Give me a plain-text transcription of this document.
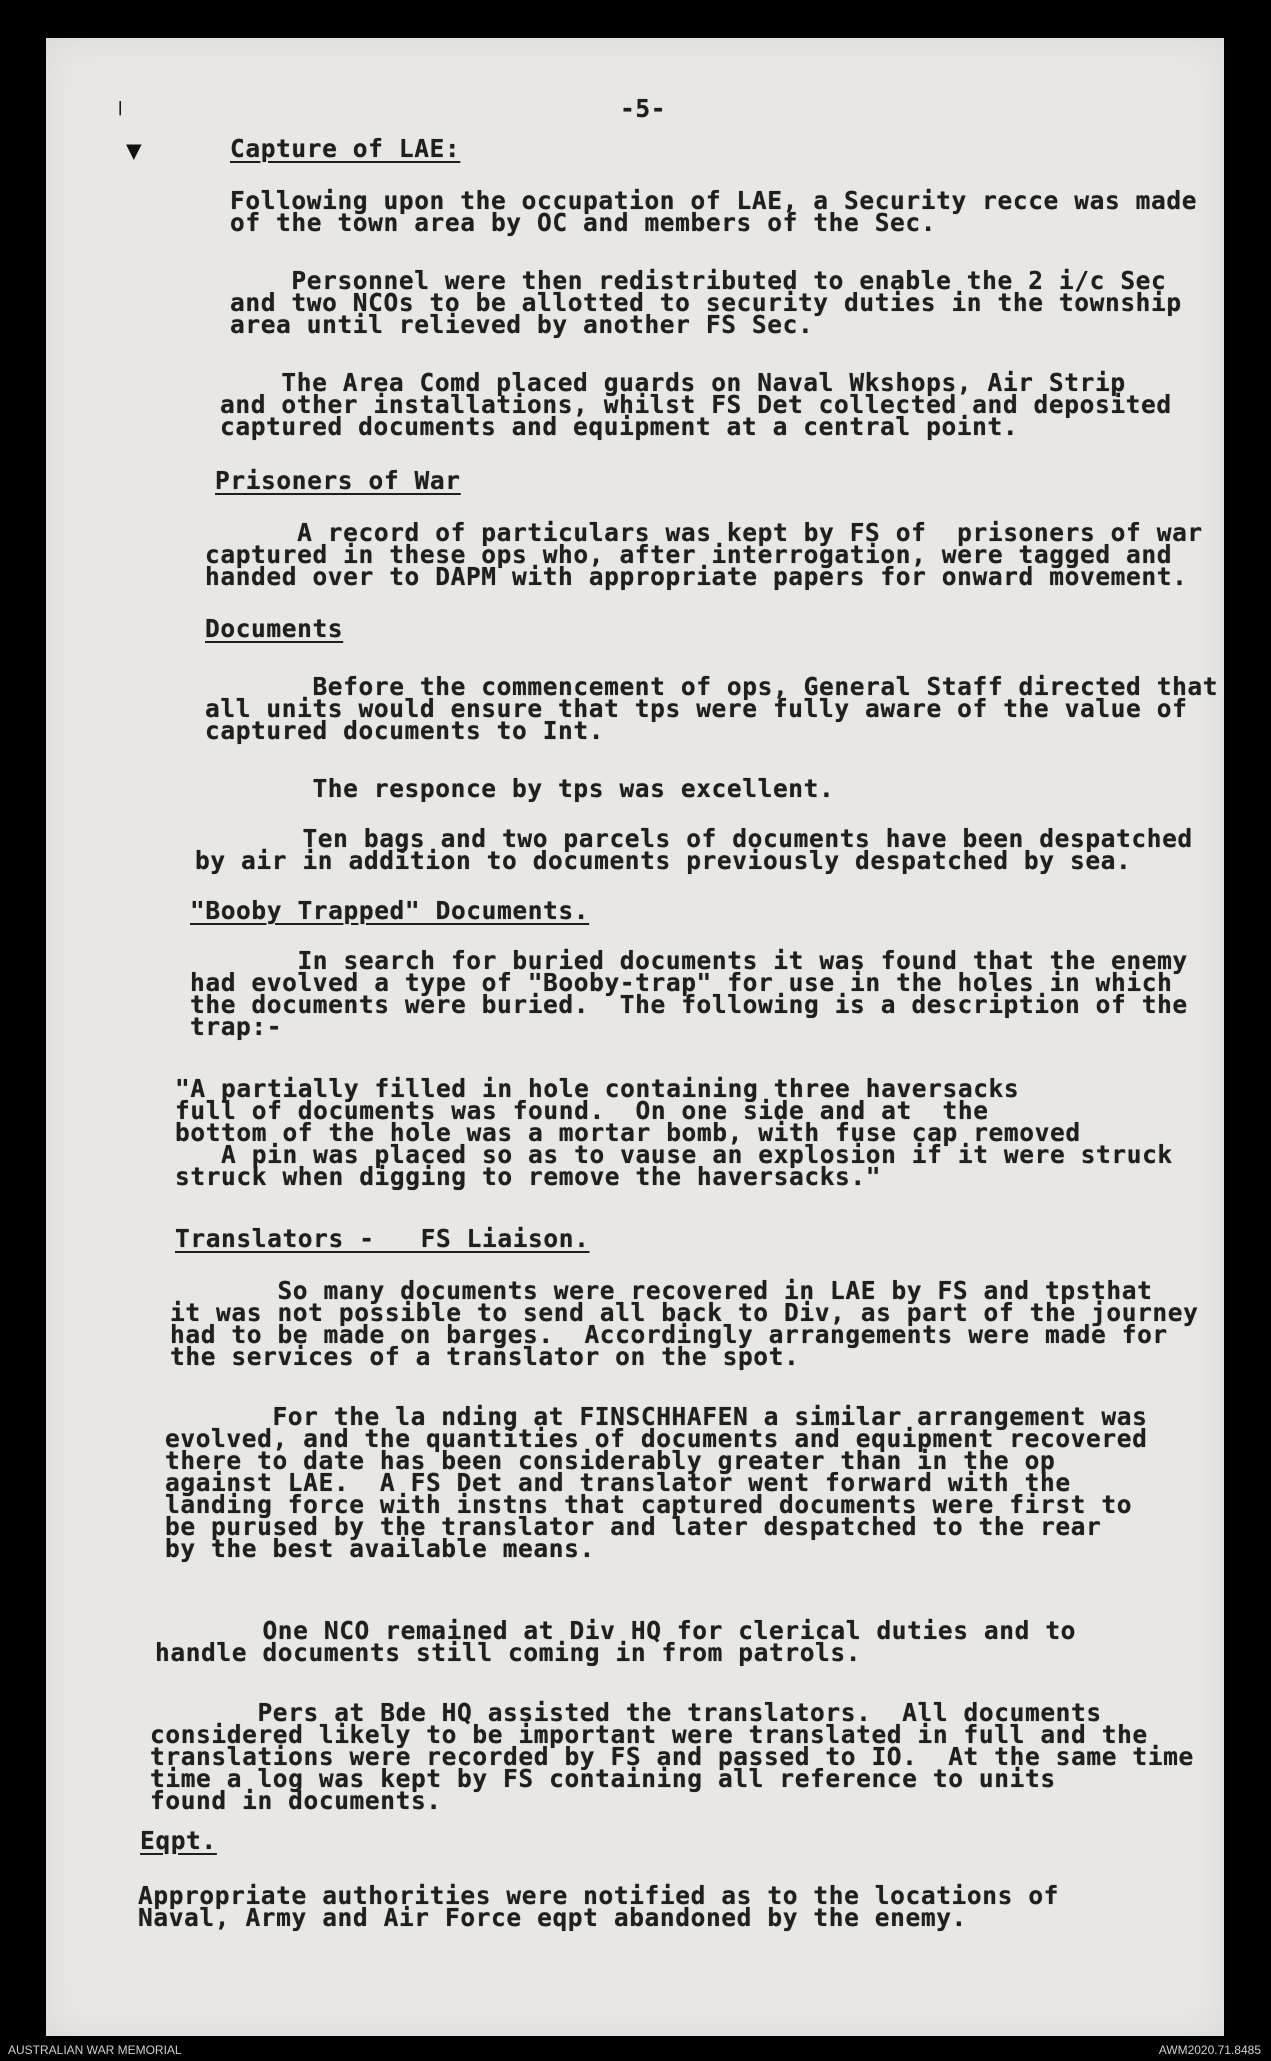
|
▼
-5-
Capture of LAE:
Following upon the occupation of LAE, a Security recce was made
of the town area by OC and members of the Sec.
Personnel were then redistributed to enable the 2 i/c Sec
and two NCOs to be allotted to security duties in the township
area until relieved by another FS Sec.
The Area Comd placed guards on Naval Wkshops, Air Strip
and other installations, whilst FS Det collected and deposited
captured documents and equipment at a central point.
Prisoners of War
A record of particulars was kept by FS of  prisoners of war
captured in these ops who, after interrogation, were tagged and
handed over to DAPM with appropriate papers for onward movement.
Documents
Before the commencement of ops, General Staff directed that
all units would ensure that tps were fully aware of the value of
captured documents to Int.
The responce by tps was excellent.
Ten bags and two parcels of documents have been despatched
by air in addition to documents previously despatched by sea.
"Booby Trapped" Documents.
In search for buried documents it was found that the enemy
had evolved a type of "Booby-trap" for use in the holes in which
the documents were buried.  The following is a description of the
trap:-
"A partially filled in hole containing three haversacks
full of documents was found.  On one side and at  the
bottom of the hole was a mortar bomb, with fuse cap removed
A pin was placed so as to vause an explosion if it were struck
struck when digging to remove the haversacks."
Translators -   FS Liaison.
So many documents were recovered in LAE by FS and tpsthat
it was not possible to send all back to Div, as part of the journey
had to be made on barges.  Accordingly arrangements were made for
the services of a translator on the spot.
For the la nding at FINSCHHAFEN a similar arrangement was
evolved, and the quantities of documents and equipment recovered
there to date has been considerably greater than in the op
against LAE.  A FS Det and translator went forward with the
landing force with instns that captured documents were first to
be purused by the translator and later despatched to the rear
by the best available means.
One NCO remained at Div HQ for clerical duties and to
handle documents still coming in from patrols.
Pers at Bde HQ assisted the translators.  All documents
considered likely to be important were translated in full and the
translations were recorded by FS and passed to IO.  At the same time
time a log was kept by FS containing all reference to units
found in documents.
Eqpt.
Appropriate authorities were notified as to the locations of
Naval, Army and Air Force eqpt abandoned by the enemy.
AUSTRALIAN WAR MEMORIAL	AWM2020.71.8485
